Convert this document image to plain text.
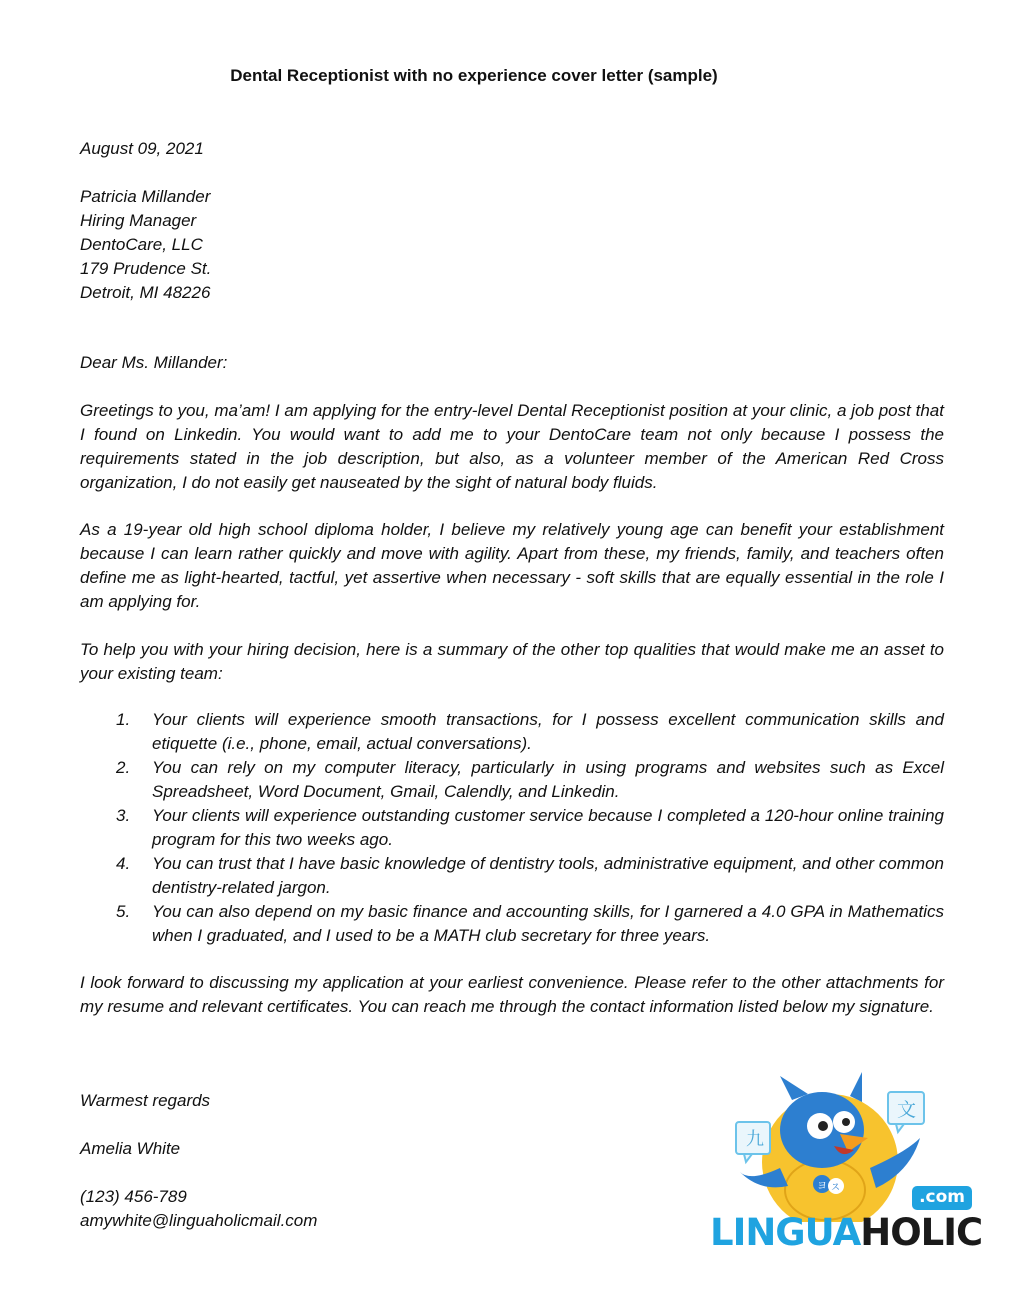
Dental Receptionist with no experience cover letter (sample)
August 09, 2021
Patricia Millander
Hiring Manager
DentoCare, LLC
179 Prudence St.
Detroit, MI 48226
Dear Ms. Millander:
Greetings to you, ma’am! I am applying for the entry-level Dental Receptionist position at your clinic, a job post that I found on Linkedin. You would want to add me to your DentoCare team not only because I possess the requirements stated in the job description, but also, as a volunteer member of the American Red Cross organization, I do not easily get nauseated by the sight of natural body fluids.
As a 19-year old high school diploma holder, I believe my relatively young age can benefit your establishment because I can learn rather quickly and move with agility. Apart from these, my friends, family, and teachers often define me as light-hearted, tactful, yet assertive when necessary - soft skills that are equally essential in the role I am applying for.
To help you with your hiring decision, here is a summary of the other top qualities that would make me an asset to your existing team:
1. Your clients will experience smooth transactions, for I possess excellent communication skills and etiquette (i.e., phone, email, actual conversations).
2. You can rely on my computer literacy, particularly in using programs and websites such as Excel Spreadsheet, Word Document, Gmail, Calendly, and Linkedin.
3. Your clients will experience outstanding customer service because I completed a 120-hour online training program for this two weeks ago.
4. You can trust that I have basic knowledge of dentistry tools, administrative equipment, and other common dentistry-related jargon.
5. You can also depend on my basic finance and accounting skills, for I garnered a 4.0 GPA in Mathematics when I graduated, and I used to be a MATH club secretary for three years.
I look forward to discussing my application at your earliest convenience. Please refer to the other attachments for my resume and relevant certificates. You can reach me through the contact information listed below my signature.
Warmest regards
Amelia White
(123) 456-789
amywhite@linguaholicmail.com
九
文
ヨ ス	.com
LINGUAHOLIC
